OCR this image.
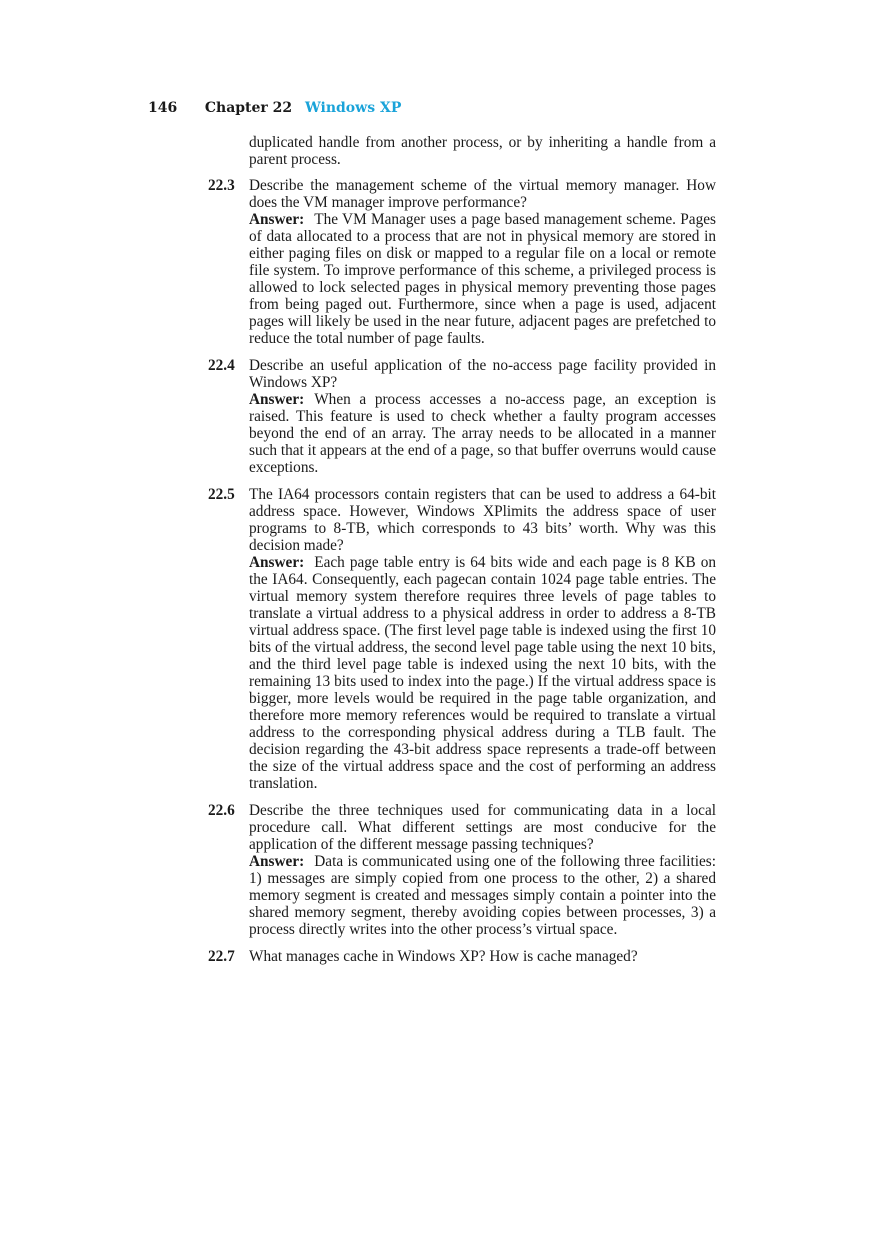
146 Chapter 22 Windows XP

duplicated handle from another process, or by inheriting a handle from a parent process.

22.3 Describe the management scheme of the virtual memory manager. How does the VM manager improve performance?

Answer: The VM Manager uses a page based management scheme. Pages of data allocated to a process that are not in physical memory are stored in either paging files on disk or mapped to a regular file on a local or remote file system. To improve performance of this scheme, a privileged process is allowed to lock selected pages in physical memory preventing those pages from being paged out. Furthermore, since when a page is used, adjacent pages will likely be used in the near future, adjacent pages are prefetched to reduce the total number of page faults.

22.4 Describe an useful application of the no-access page facility provided in Windows XP?

Answer: When a process accesses a no-access page, an exception is raised. This feature is used to check whether a faulty program accesses beyond the end of an array. The array needs to be allocated in a manner such that it appears at the end of a page, so that buffer overruns would cause exceptions.

22.5 The IA64 processors contain registers that can be used to address a 64-bit address space. However, Windows XPlimits the address space of user programs to 8-TB, which corresponds to 43 bits’ worth. Why was this decision made?

Answer: Each page table entry is 64 bits wide and each page is 8 KB on the IA64. Consequently, each pagecan contain 1024 page table entries. The virtual memory system therefore requires three levels of page tables to translate a virtual address to a physical address in order to address a 8-TB virtual address space. (The first level page table is indexed using the first 10 bits of the virtual address, the second level page table using the next 10 bits, and the third level page table is indexed using the next 10 bits, with the remaining 13 bits used to index into the page.) If the virtual address space is bigger, more levels would be required in the page table organization, and therefore more memory references would be required to translate a virtual address to the corresponding physical address during a TLB fault. The decision regarding the 43-bit address space represents a trade-off between the size of the virtual address space and the cost of performing an address translation.

22.6 Describe the three techniques used for communicating data in a local procedure call. What different settings are most conducive for the application of the different message passing techniques?

Answer: Data is communicated using one of the following three facilities: 1) messages are simply copied from one process to the other, 2) a shared memory segment is created and messages simply contain a pointer into the shared memory segment, thereby avoiding copies between processes, 3) a process directly writes into the other process’s virtual space.

22.7 What manages cache in Windows XP? How is cache managed?
